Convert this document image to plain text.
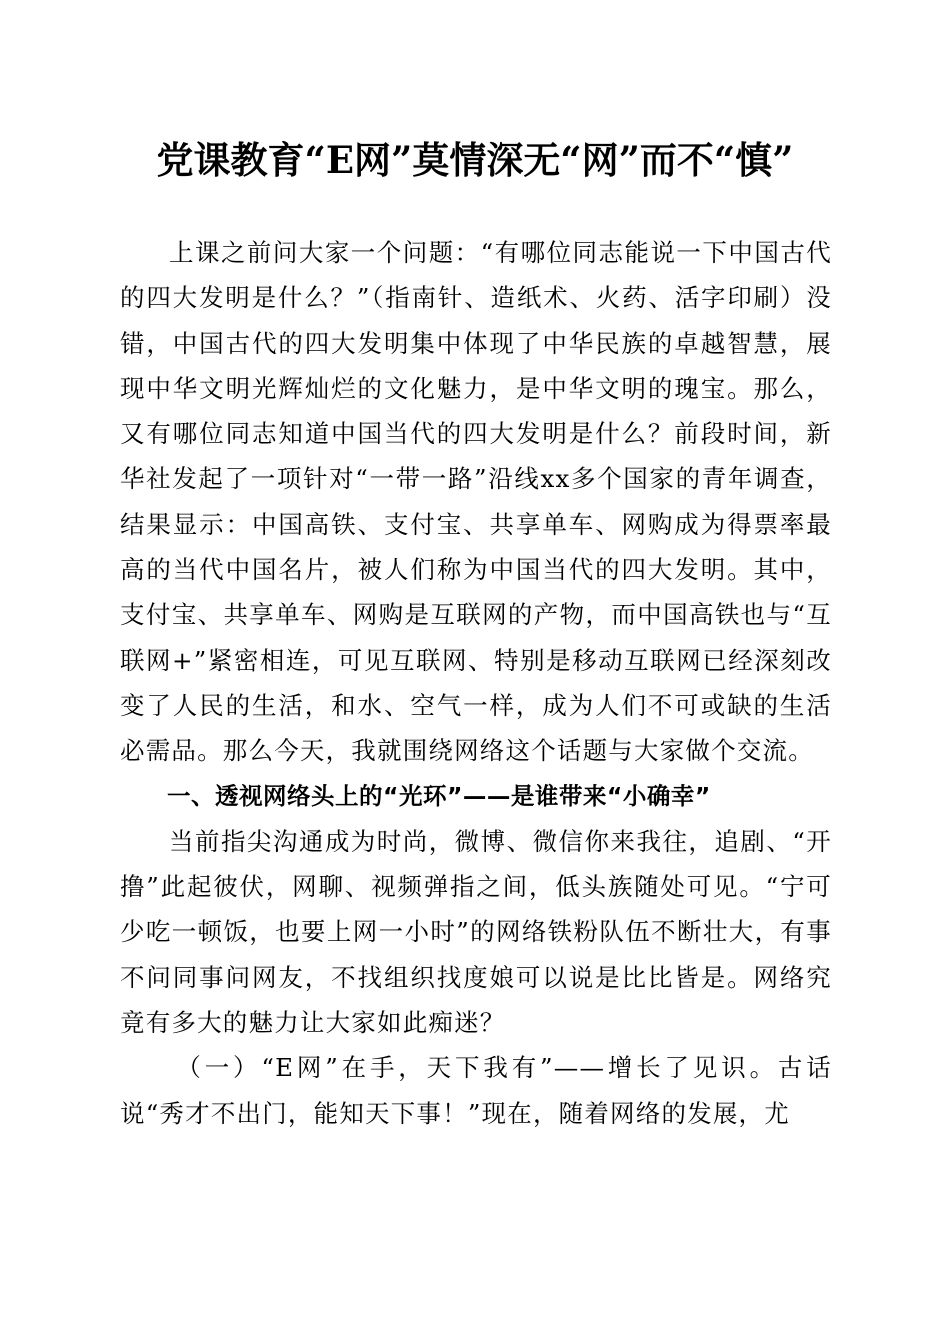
党课教育“E网”莫情深无“网”而不“慎”

上课之前问大家一个问题：“有哪位同志能说一下中国古代的四大发明是什么？”（指南针、造纸术、火药、活字印刷）没错，中国古代的四大发明集中体现了中华民族的卓越智慧，展现中华文明光辉灿烂的文化魅力，是中华文明的瑰宝。那么，又有哪位同志知道中国当代的四大发明是什么？前段时间，新华社发起了一项针对“一带一路”沿线xx多个国家的青年调查，结果显示：中国高铁、支付宝、共享单车、网购成为得票率最高的当代中国名片，被人们称为中国当代的四大发明。其中，支付宝、共享单车、网购是互联网的产物，而中国高铁也与“互联网+”紧密相连，可见互联网、特别是移动互联网已经深刻改变了人民的生活，和水、空气一样，成为人们不可或缺的生活必需品。那么今天，我就围绕网络这个话题与大家做个交流。

一、透视网络头上的“光环”——是谁带来“小确幸”

当前指尖沟通成为时尚，微博、微信你来我往，追剧、“开撸”此起彼伏，网聊、视频弹指之间，低头族随处可见。“宁可少吃一顿饭，也要上网一小时”的网络铁粉队伍不断壮大，有事不问同事问网友，不找组织找度娘可以说是比比皆是。网络究竟有多大的魅力让大家如此痴迷？

（一）“E网”在手，天下我有”——增长了见识。古话说“秀才不出门，能知天下事！”现在，随着网络的发展，尤
